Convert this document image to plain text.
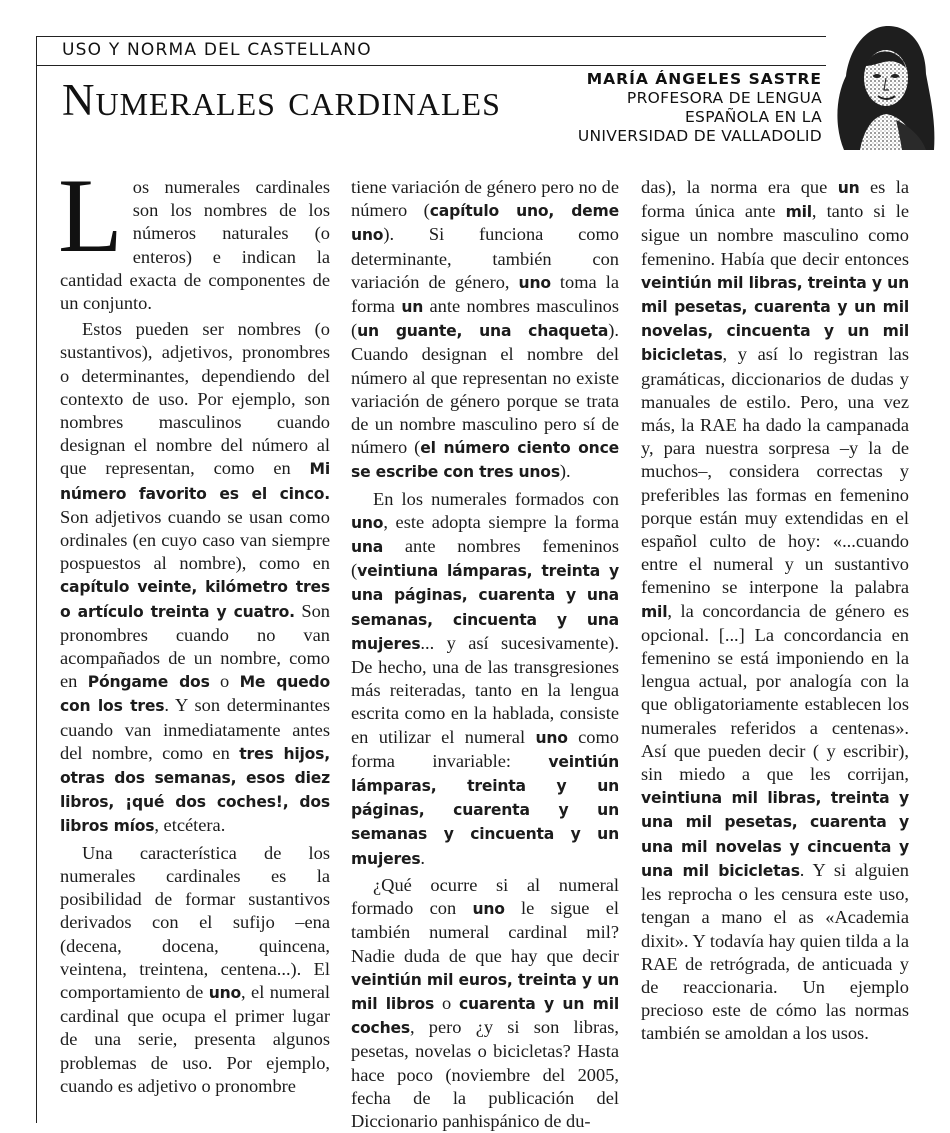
USO Y NORMA DEL CASTELLANO
Numerales cardinales	MARÍA ÁNGELES SASTRE
PROFESORA DE LENGUA
ESPAÑOLA EN LA
UNIVERSIDAD DE VALLADOLID

Los numerales cardinales son los nombres de los números naturales (o enteros) e indican la cantidad exacta de componentes de un conjunto.

Estos pueden ser nombres (o sustantivos), adjetivos, pronombres o determinantes, dependiendo del contexto de uso. Por ejemplo, son nombres masculinos cuando designan el nombre del número al que representan, como en Mi número favorito es el cinco. Son adjetivos cuando se usan como ordinales (en cuyo caso van siempre pospuestos al nombre), como en capítulo veinte, kilómetro tres o artículo treinta y cuatro. Son pronombres cuando no van acompañados de un nombre, como en Póngame dos o Me quedo con los tres. Y son determinantes cuando van inmediatamente antes del nombre, como en tres hijos, otras dos semanas, esos diez libros, ¡qué dos coches!, dos libros míos, etcétera.

Una característica de los numerales cardinales es la posibilidad de formar sustantivos derivados con el sufijo –ena (decena, docena, quincena, veintena, treintena, centena...). El comportamiento de uno, el numeral cardinal que ocupa el primer lugar de una serie, presenta algunos problemas de uso. Por ejemplo, cuando es adjetivo o pronombre

tiene variación de género pero no de número (capítulo uno, deme uno). Si funciona como determinante, también con variación de género, uno toma la forma un ante nombres masculinos (un guante, una chaqueta). Cuando designan el nombre del número al que representan no existe variación de género porque se trata de un nombre masculino pero sí de número (el número ciento once se escribe con tres unos).

En los numerales formados con uno, este adopta siempre la forma una ante nombres femeninos (veintiuna lámparas, treinta y una páginas, cuarenta y una semanas, cincuenta y una mujeres... y así sucesivamente). De hecho, una de las transgresiones más reiteradas, tanto en la lengua escrita como en la hablada, consiste en utilizar el numeral uno como forma invariable: veintiún lámparas, treinta y un páginas, cuarenta y un semanas y cincuenta y un mujeres.

¿Qué ocurre si al numeral formado con uno le sigue el también numeral cardinal mil? Nadie duda de que hay que decir veintiún mil euros, treinta y un mil libros o cuarenta y un mil coches, pero ¿y si son libras, pesetas, novelas o bicicletas? Hasta hace poco (noviembre del 2005, fecha de la publicación del Diccionario panhispánico de du-

das), la norma era que un es la forma única ante mil, tanto si le sigue un nombre masculino como femenino. Había que decir entonces veintiún mil libras, treinta y un mil pesetas, cuarenta y un mil novelas, cincuenta y un mil bicicletas, y así lo registran las gramáticas, diccionarios de dudas y manuales de estilo. Pero, una vez más, la RAE ha dado la campanada y, para nuestra sorpresa –y la de muchos–, considera correctas y preferibles las formas en femenino porque están muy extendidas en el español culto de hoy: «...cuando entre el numeral y un sustantivo femenino se interpone la palabra mil, la concordancia de género es opcional. [...] La concordancia en femenino se está imponiendo en la lengua actual, por analogía con la que obligatoriamente establecen los numerales referidos a centenas». Así que pueden decir ( y escribir), sin miedo a que les corrijan, veintiuna mil libras, treinta y una mil pesetas, cuarenta y una mil novelas y cincuenta y una mil bicicletas. Y si alguien les reprocha o les censura este uso, tengan a mano el as «Academia dixit». Y todavía hay quien tilda a la RAE de retrógrada, de anticuada y de reaccionaria. Un ejemplo precioso este de cómo las normas también se amoldan a los usos.
